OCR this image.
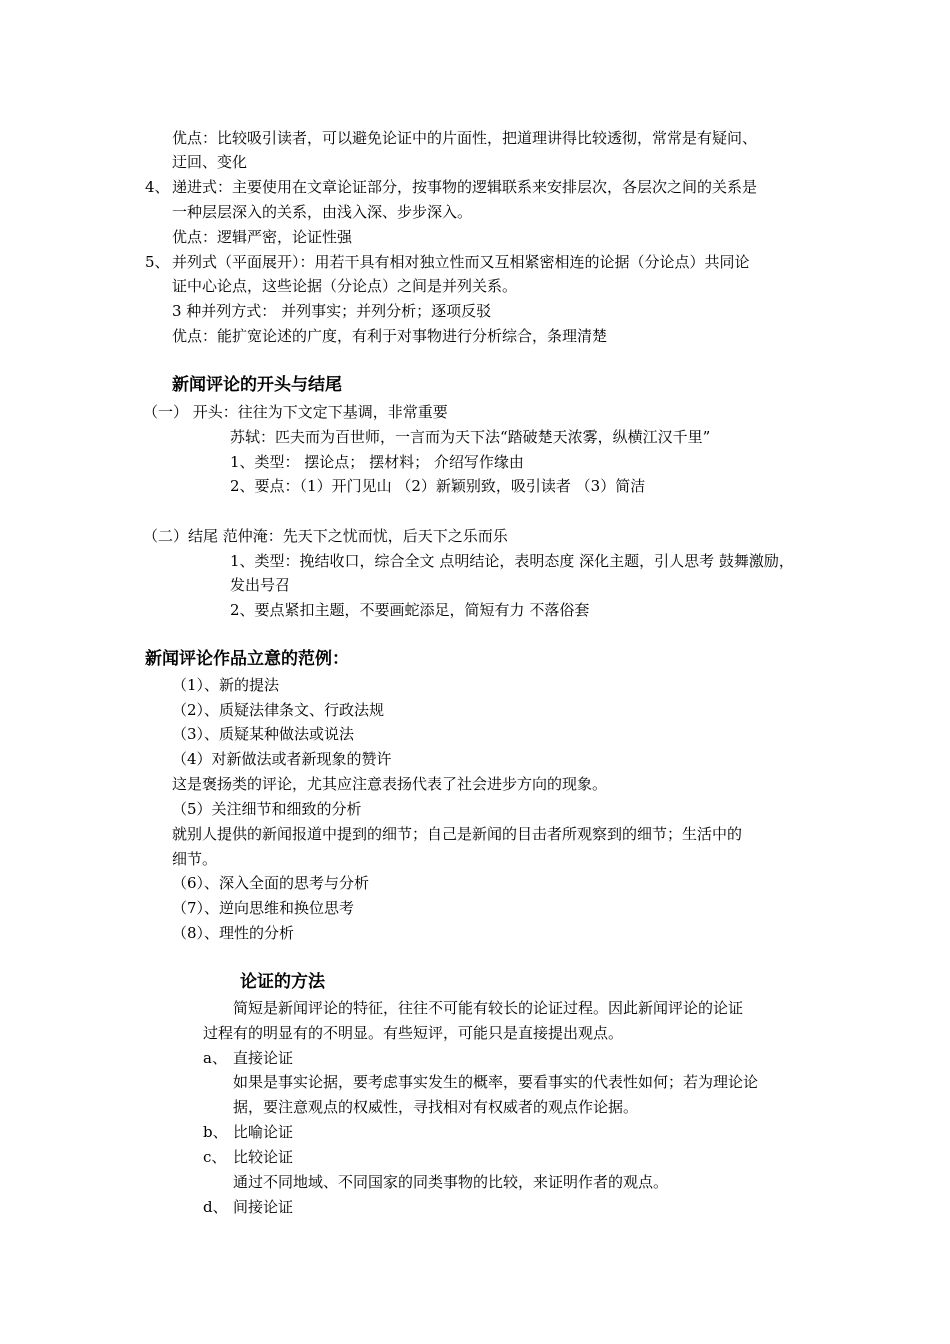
优点：比较吸引读者，可以避免论证中的片面性，把道理讲得比较透彻，常常是有疑问、
迂回、变化
4、 递进式：主要使用在文章论证部分，按事物的逻辑联系来安排层次，各层次之间的关系是
一种层层深入的关系，由浅入深、步步深入。
优点：逻辑严密，论证性强
5、 并列式（平面展开）：用若干具有相对独立性而又互相紧密相连的论据（分论点）共同论
证中心论点，这些论据（分论点）之间是并列关系。
3 种并列方式： 并列事实；并列分析；逐项反驳
优点：能扩宽论述的广度，有利于对事物进行分析综合，条理清楚
新闻评论的开头与结尾
（一） 开头：往往为下文定下基调，非常重要
苏轼：匹夫而为百世师，一言而为天下法“踏破楚天浓雾，纵横江汉千里”
1、类型： 摆论点； 摆材料； 介绍写作缘由
2、要点：（1）开门见山 （2）新颖别致，吸引读者 （3）简洁
（二）结尾 范仲淹：先天下之忧而忧，后天下之乐而乐
1、类型：挽结收口，综合全文 点明结论，表明态度 深化主题，引人思考 鼓舞激励，
发出号召
2、要点紧扣主题，不要画蛇添足，简短有力 不落俗套
新闻评论作品立意的范例：
（1）、新的提法
（2）、质疑法律条文、行政法规
（3）、质疑某种做法或说法
（4）对新做法或者新现象的赞许
这是褒扬类的评论，尤其应注意表扬代表了社会进步方向的现象。
（5）关注细节和细致的分析
就别人提供的新闻报道中提到的细节；自己是新闻的目击者所观察到的细节；生活中的
细节。
（6）、深入全面的思考与分析
（7）、逆向思维和换位思考
（8）、理性的分析
论证的方法
简短是新闻评论的特征，往往不可能有较长的论证过程。因此新闻评论的论证
过程有的明显有的不明显。有些短评，可能只是直接提出观点。
a、 直接论证
如果是事实论据，要考虑事实发生的概率，要看事实的代表性如何；若为理论论
据，要注意观点的权威性，寻找相对有权威者的观点作论据。
b、 比喻论证
c、 比较论证
通过不同地域、不同国家的同类事物的比较，来证明作者的观点。
d、 间接论证
